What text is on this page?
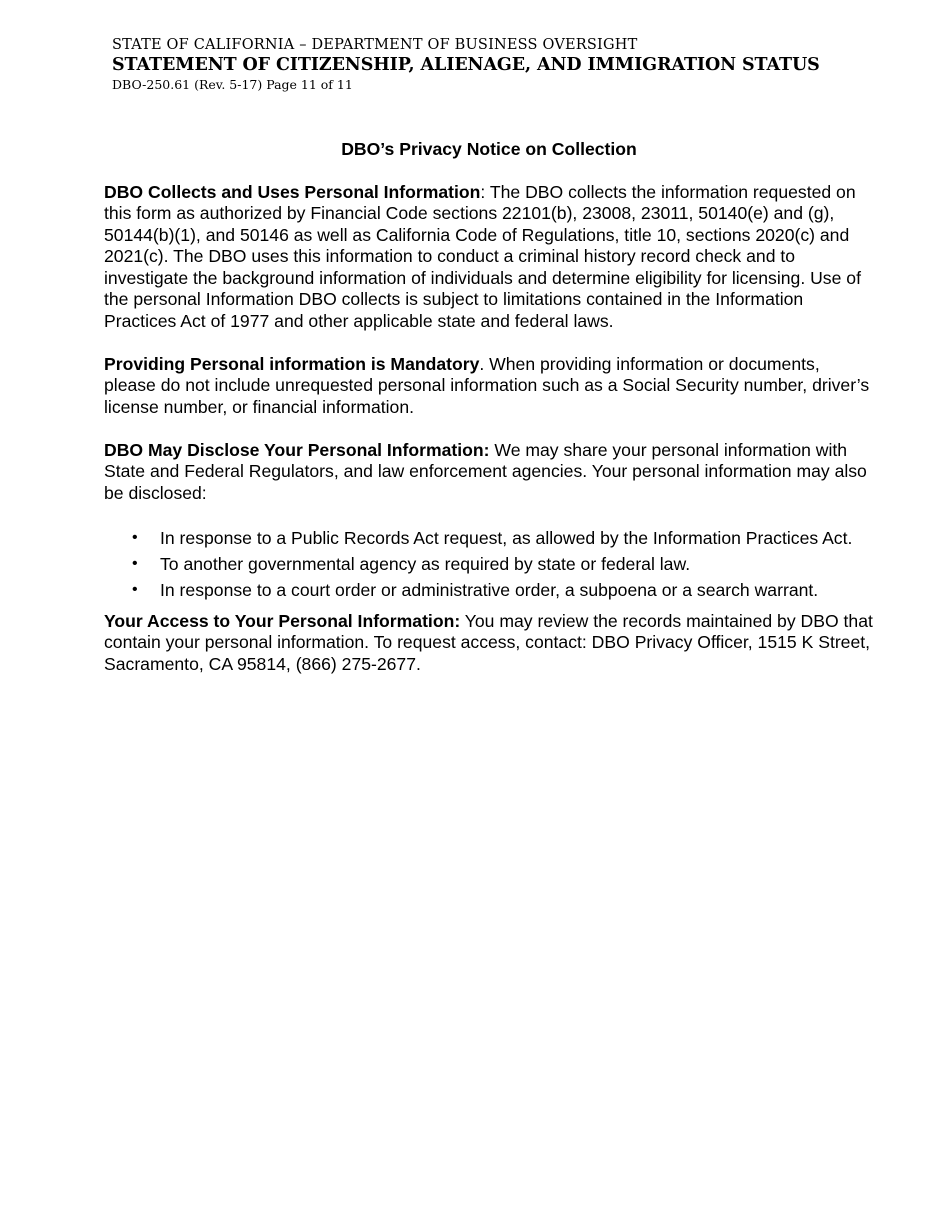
STATE OF CALIFORNIA – DEPARTMENT OF BUSINESS OVERSIGHT
STATEMENT OF CITIZENSHIP, ALIENAGE, AND IMMIGRATION STATUS
DBO-250.61 (Rev. 5-17) Page 11 of 11
DBO’s Privacy Notice on Collection

DBO Collects and Uses Personal Information: The DBO collects the information requested on this form as authorized by Financial Code sections 22101(b), 23008, 23011, 50140(e) and (g), 50144(b)(1), and 50146 as well as California Code of Regulations, title 10, sections 2020(c) and 2021(c). The DBO uses this information to conduct a criminal history record check and to investigate the background information of individuals and determine eligibility for licensing. Use of the personal Information DBO collects is subject to limitations contained in the Information Practices Act of 1977 and other applicable state and federal laws.

Providing Personal information is Mandatory. When providing information or documents, please do not include unrequested personal information such as a Social Security number, driver’s license number, or financial information.

DBO May Disclose Your Personal Information: We may share your personal information with State and Federal Regulators, and law enforcement agencies. Your personal information may also be disclosed:

• In response to a Public Records Act request, as allowed by the Information Practices Act.
• To another governmental agency as required by state or federal law.
• In response to a court order or administrative order, a subpoena or a search warrant.

Your Access to Your Personal Information: You may review the records maintained by DBO that contain your personal information. To request access, contact: DBO Privacy Officer, 1515 K Street, Sacramento, CA 95814, (866) 275-2677.
